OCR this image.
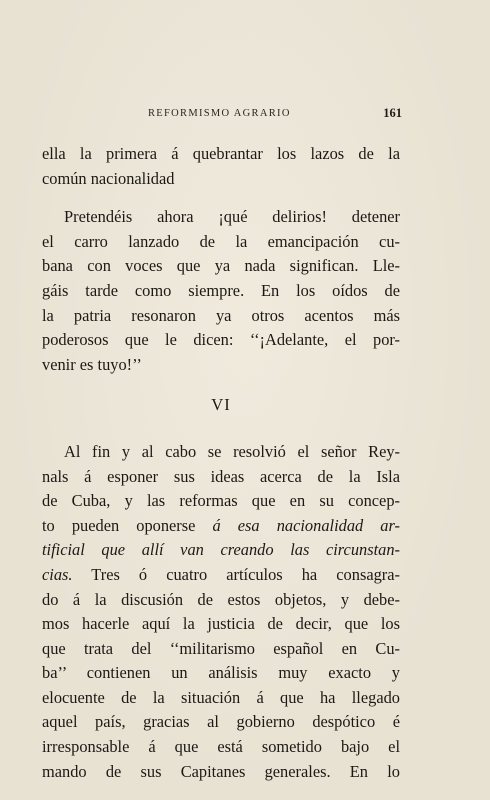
REFORMISMO AGRARIO	161

ella la primera á quebrantar los lazos de la
común nacionalidad

Pretendéis ahora ¡qué delirios! detener
el carro lanzado de la emancipación cu-
bana con voces que ya nada significan. Lle-
gáis tarde como siempre. En los oídos de
la patria resonaron ya otros acentos más
poderosos que le dicen: ‘‘¡Adelante, el por-
venir es tuyo!’’

VI

Al fin y al cabo se resolvió el señor Rey-
nals á esponer sus ideas acerca de la Isla
de Cuba, y las reformas que en su concep-
to pueden oponerse á esa nacionalidad ar-
tificial que allí van creando las circunstan-
cias. Tres ó cuatro artículos ha consagra-
do á la discusión de estos objetos, y debe-
mos hacerle aquí la justicia de decir, que los
que trata del ‘‘militarismo español en Cu-
ba’’ contienen un análisis muy exacto y
elocuente de la situación á que ha llegado
aquel país, gracias al gobierno despótico é
irresponsable á que está sometido bajo el
mando de sus Capitanes generales. En lo
